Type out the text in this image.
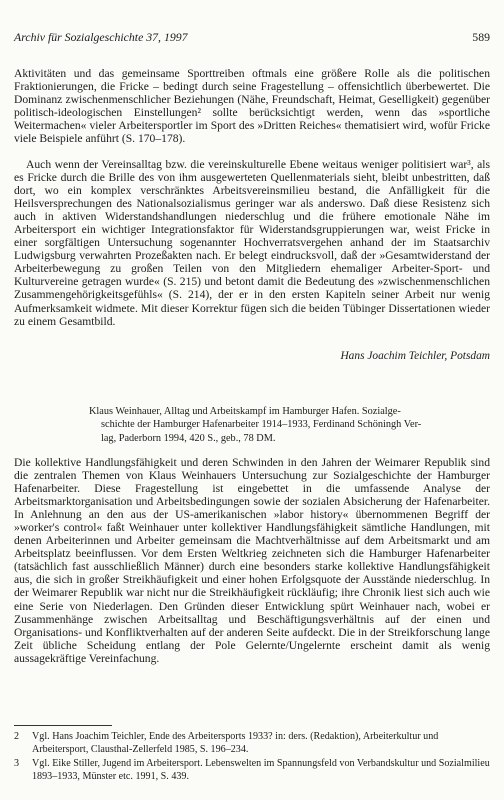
Archiv für Sozialgeschichte 37, 1997	589

Aktivitäten und das gemeinsame Sporttreiben oftmals eine größere Rolle als die politischen Fraktionierungen, die Fricke – bedingt durch seine Fragestellung – offensichtlich überbewertet. Die Dominanz zwischenmenschlicher Beziehungen (Nähe, Freundschaft, Heimat, Geselligkeit) gegenüber politisch-ideologischen Einstellungen² sollte berücksichtigt werden, wenn das »sportliche Weitermachen« vieler Arbeitersportler im Sport des »Dritten Reiches« thematisiert wird, wofür Fricke viele Beispiele anführt (S. 170–178).

Auch wenn der Vereinsalltag bzw. die vereinskulturelle Ebene weitaus weniger politisiert war³, als es Fricke durch die Brille des von ihm ausgewerteten Quellenmaterials sieht, bleibt unbestritten, daß dort, wo ein komplex verschränktes Arbeitsvereinsmilieu bestand, die Anfälligkeit für die Heilsversprechungen des Nationalsozialismus geringer war als anderswo. Daß diese Resistenz sich auch in aktiven Widerstandshandlungen niederschlug und die frühere emotionale Nähe im Arbeitersport ein wichtiger Integrationsfaktor für Widerstandsgruppierungen war, weist Fricke in einer sorgfältigen Untersuchung sogenannter Hochverratsvergehen anhand der im Staatsarchiv Ludwigsburg verwahrten Prozeßakten nach. Er belegt eindrucksvoll, daß der »Gesamtwiderstand der Arbeiterbewegung zu großen Teilen von den Mitgliedern ehemaliger Arbeiter-Sport- und Kulturvereine getragen wurde« (S. 215) und betont damit die Bedeutung des »zwischenmenschlichen Zusammengehörigkeitsgefühls« (S. 214), der er in den ersten Kapiteln seiner Arbeit nur wenig Aufmerksamkeit widmete. Mit dieser Korrektur fügen sich die beiden Tübinger Dissertationen wieder zu einem Gesamtbild.

Hans Joachim Teichler, Potsdam
Klaus Weinhauer, Alltag und Arbeitskampf im Hamburger Hafen. Sozialge-
schichte der Hamburger Hafenarbeiter 1914–1933, Ferdinand Schöningh Ver-
lag, Paderborn 1994, 420 S., geb., 78 DM.

Die kollektive Handlungsfähigkeit und deren Schwinden in den Jahren der Weimarer Republik sind die zentralen Themen von Klaus Weinhauers Untersuchung zur Sozialgeschichte der Hamburger Hafenarbeiter. Diese Fragestellung ist eingebettet in die umfassende Analyse der Arbeitsmarktorganisation und Arbeitsbedingungen sowie der sozialen Absicherung der Hafenarbeiter. In Anlehnung an den aus der US-amerikanischen »labor history« übernommenen Begriff der »worker's control« faßt Weinhauer unter kollektiver Handlungsfähigkeit sämtliche Handlungen, mit denen Arbeiterinnen und Arbeiter gemeinsam die Machtverhältnisse auf dem Arbeitsmarkt und am Arbeitsplatz beeinflussen. Vor dem Ersten Weltkrieg zeichneten sich die Hamburger Hafenarbeiter (tatsächlich fast ausschließlich Männer) durch eine besonders starke kollektive Handlungsfähigkeit aus, die sich in großer Streikhäufigkeit und einer hohen Erfolgsquote der Ausstände niederschlug. In der Weimarer Republik war nicht nur die Streikhäufigkeit rückläufig; ihre Chronik liest sich auch wie eine Serie von Niederlagen. Den Gründen dieser Entwicklung spürt Weinhauer nach, wobei er Zusammenhänge zwischen Arbeitsalltag und Beschäftigungsverhältnis auf der einen und Organisations- und Konfliktverhalten auf der anderen Seite aufdeckt. Die in der Streikforschung lange Zeit übliche Scheidung entlang der Pole Gelernte/Ungelernte erscheint damit als wenig aussagekräftige Vereinfachung.

2	Vgl. Hans Joachim Teichler, Ende des Arbeitersports 1933? in: ders. (Redaktion), Arbeiterkultur und Arbeitersport, Clausthal-Zellerfeld 1985, S. 196–234.
3	Vgl. Eike Stiller, Jugend im Arbeitersport. Lebenswelten im Spannungsfeld von Verbandskultur und Sozialmilieu 1893–1933, Münster etc. 1991, S. 439.
